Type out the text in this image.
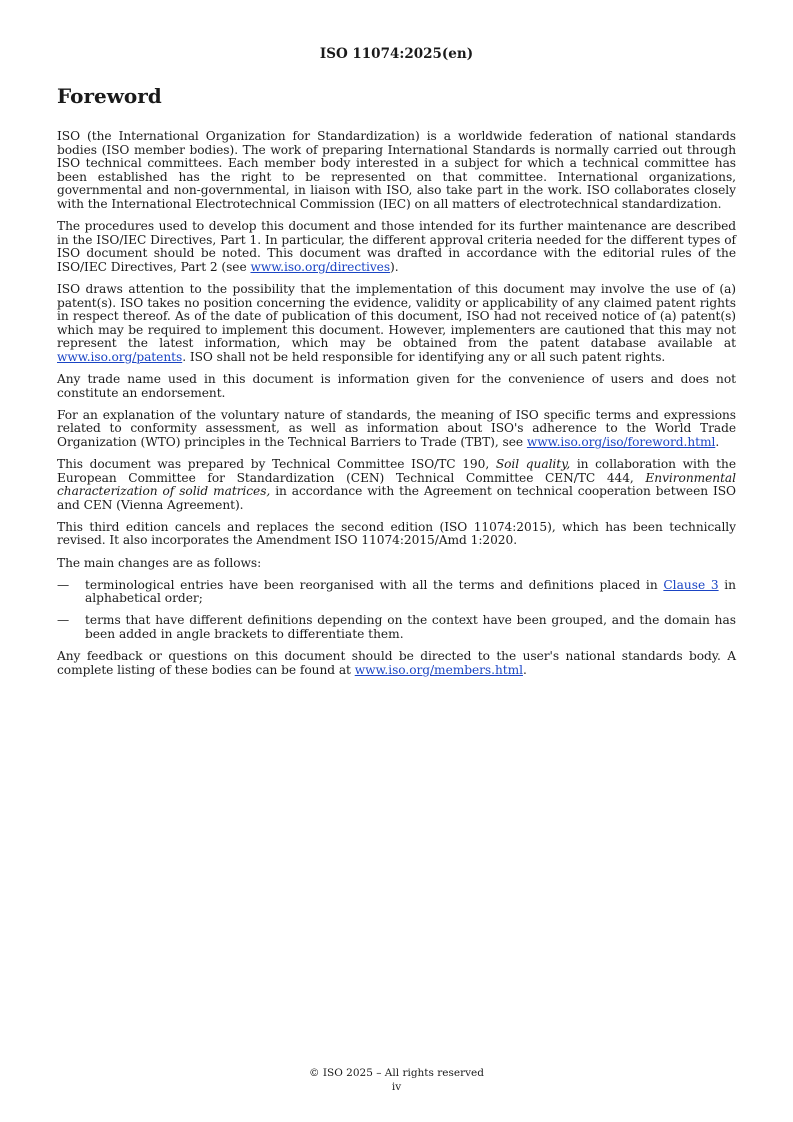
ISO 11074:2025(en)
Foreword

ISO (the International Organization for Standardization) is a worldwide federation of national standards bodies (ISO member bodies). The work of preparing International Standards is normally carried out through ISO technical committees. Each member body interested in a subject for which a technical committee has been established has the right to be represented on that committee. International organizations, governmental and non-governmental, in liaison with ISO, also take part in the work. ISO collaborates closely with the International Electrotechnical Commission (IEC) on all matters of electrotechnical standardization.

The procedures used to develop this document and those intended for its further maintenance are described in the ISO/IEC Directives, Part 1. In particular, the different approval criteria needed for the different types of ISO document should be noted. This document was drafted in accordance with the editorial rules of the ISO/IEC Directives, Part 2 (see www.iso.org/directives).

ISO draws attention to the possibility that the implementation of this document may involve the use of (a) patent(s). ISO takes no position concerning the evidence, validity or applicability of any claimed patent rights in respect thereof. As of the date of publication of this document, ISO had not received notice of (a) patent(s) which may be required to implement this document. However, implementers are cautioned that this may not represent the latest information, which may be obtained from the patent database available at www.iso.org/patents. ISO shall not be held responsible for identifying any or all such patent rights.

Any trade name used in this document is information given for the convenience of users and does not constitute an endorsement.

For an explanation of the voluntary nature of standards, the meaning of ISO specific terms and expressions related to conformity assessment, as well as information about ISO's adherence to the World Trade Organization (WTO) principles in the Technical Barriers to Trade (TBT), see www.iso.org/iso/foreword.html.

This document was prepared by Technical Committee ISO/TC 190, Soil quality, in collaboration with the European Committee for Standardization (CEN) Technical Committee CEN/TC 444, Environmental characterization of solid matrices, in accordance with the Agreement on technical cooperation between ISO and CEN (Vienna Agreement).

This third edition cancels and replaces the second edition (ISO 11074:2015), which has been technically revised. It also incorporates the Amendment ISO 11074:2015/Amd 1:2020.

The main changes are as follows:

— terminological entries have been reorganised with all the terms and definitions placed in Clause 3 in alphabetical order;
— terms that have different definitions depending on the context have been grouped, and the domain has been added in angle brackets to differentiate them.

Any feedback or questions on this document should be directed to the user's national standards body. A complete listing of these bodies can be found at www.iso.org/members.html.

© ISO 2025 – All rights reserved
iv
